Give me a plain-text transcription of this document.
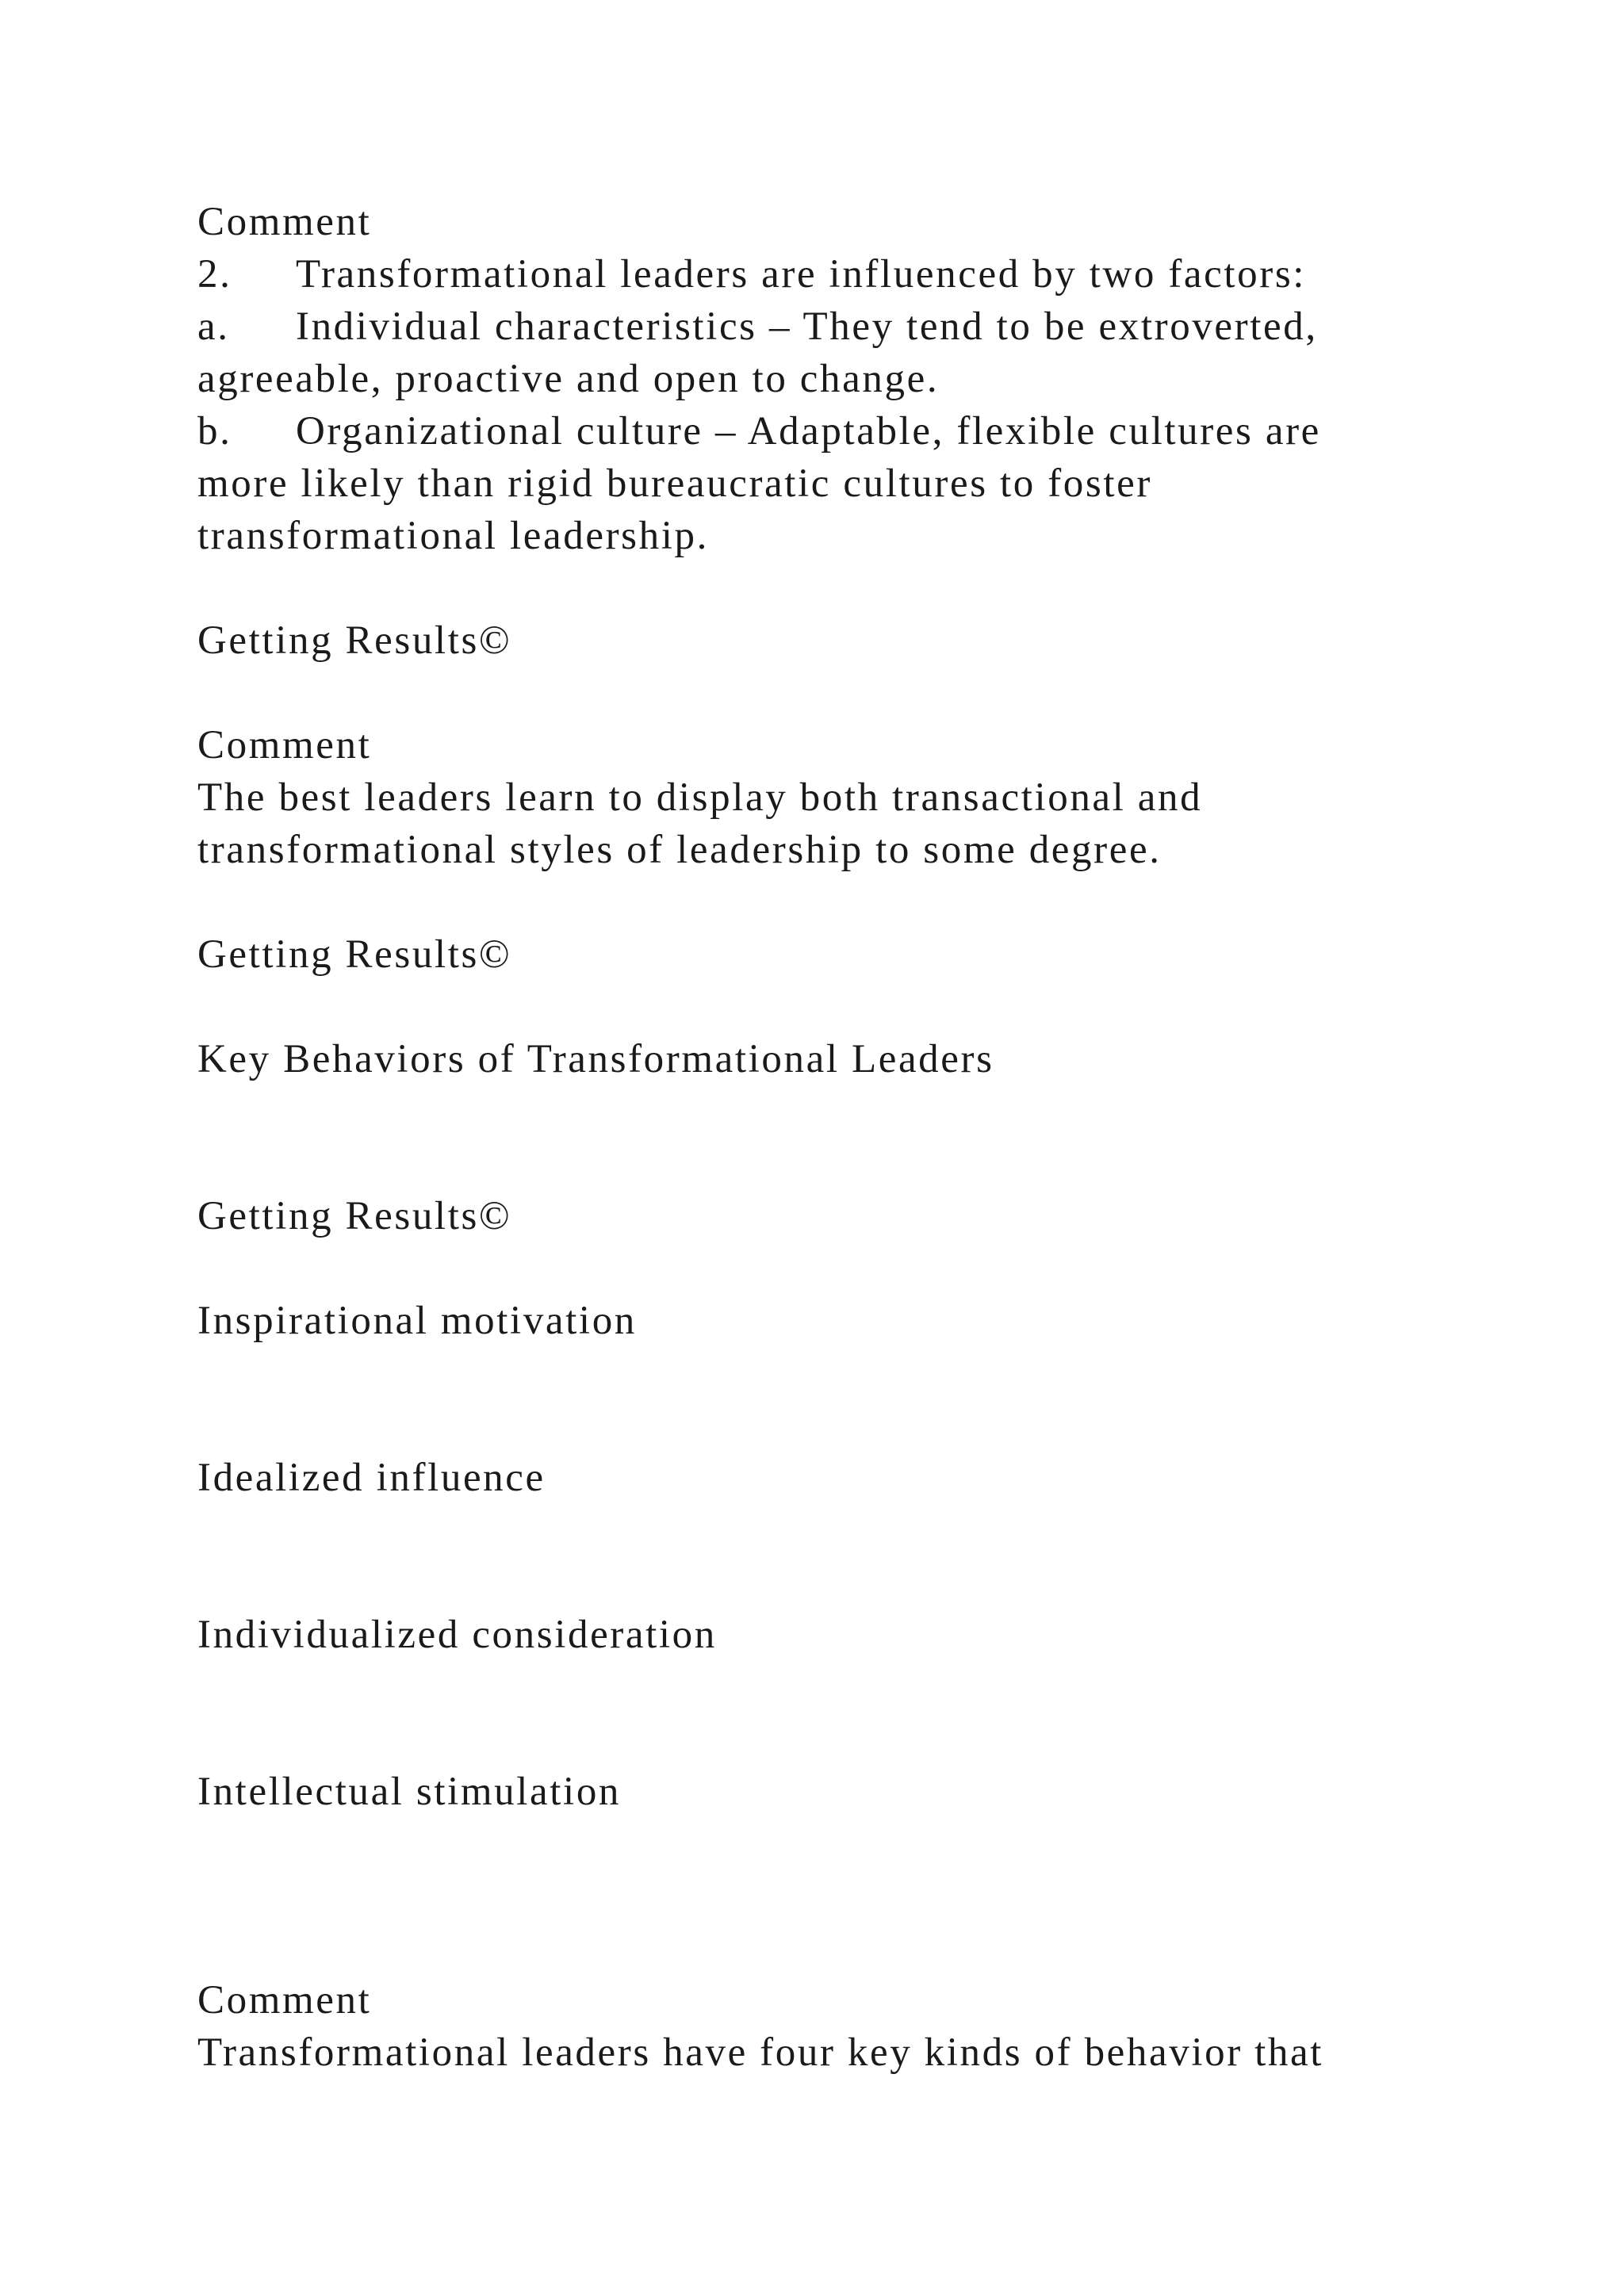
Comment
2. Transformational leaders are influenced by two factors:
a. Individual characteristics – They tend to be extroverted,
agreeable, proactive and open to change.
b. Organizational culture – Adaptable, flexible cultures are
more likely than rigid bureaucratic cultures to foster
transformational leadership.
Getting Results©
Comment
The best leaders learn to display both transactional and
transformational styles of leadership to some degree.
Getting Results©
Key Behaviors of Transformational Leaders
Getting Results©
Inspirational motivation
Idealized influence
Individualized consideration
Intellectual stimulation
Comment
Transformational leaders have four key kinds of behavior that
